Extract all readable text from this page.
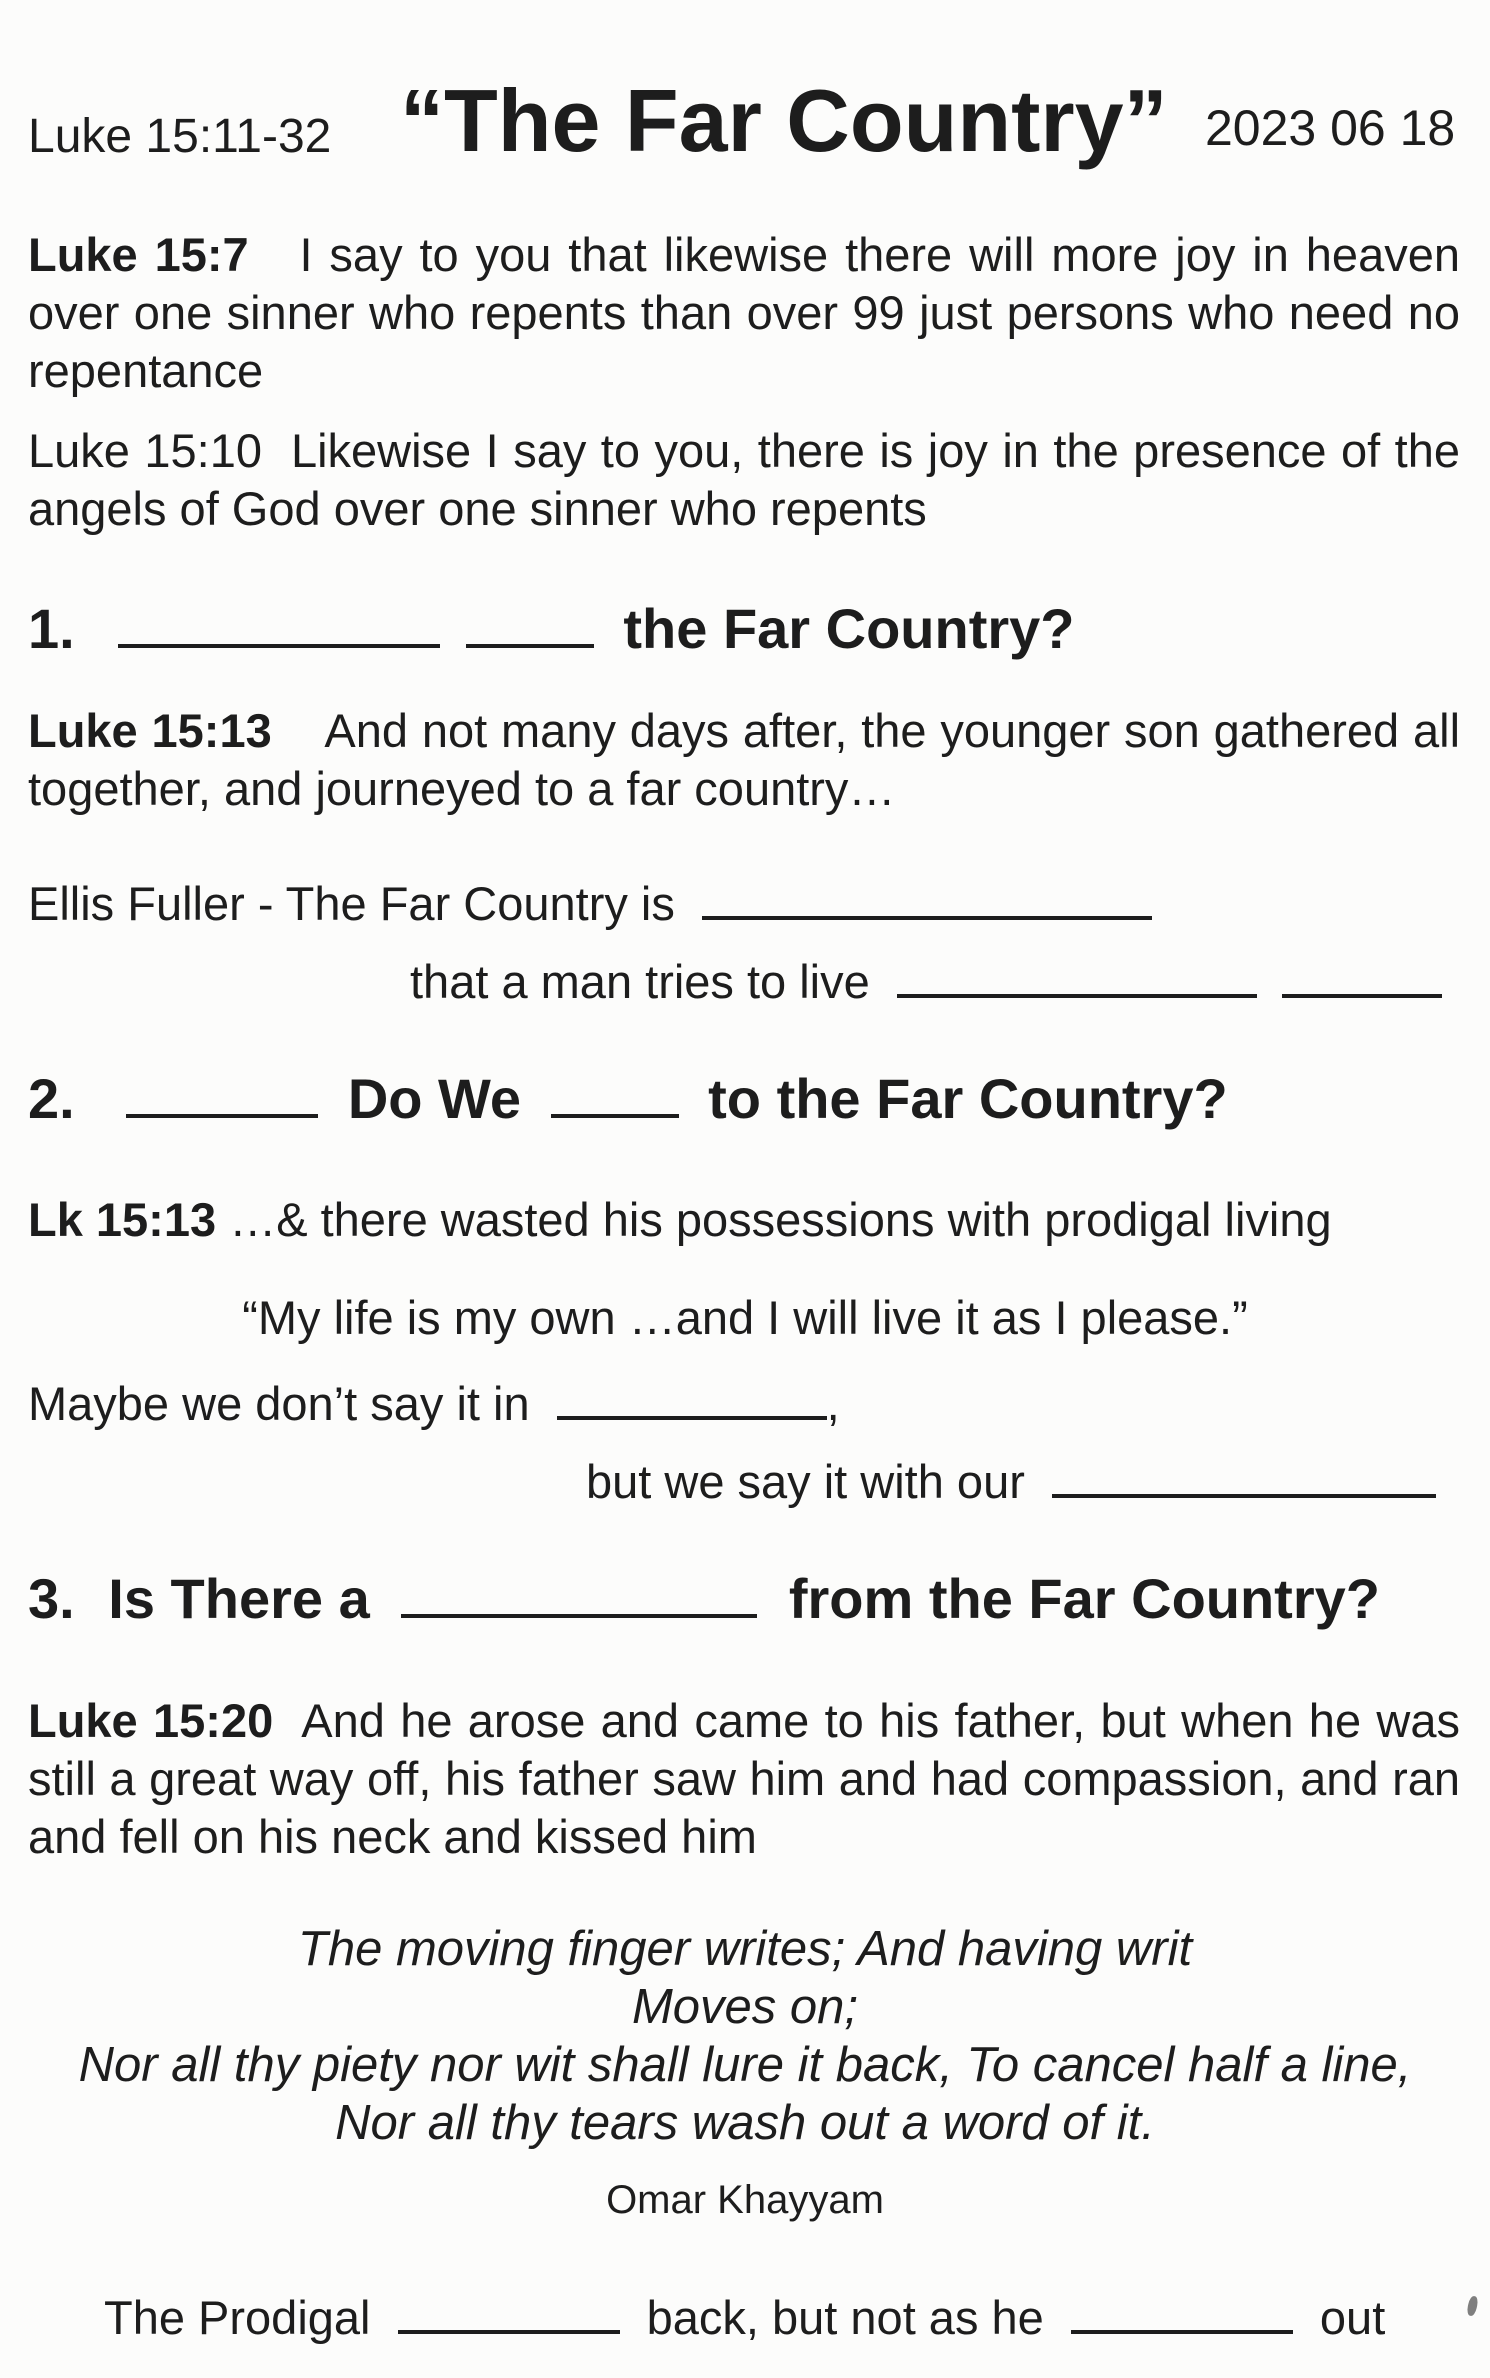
Luke 15:11-32 “The Far Country” 2023 06 18
Luke 15:7 I say to you that likewise there will more joy in heaven over one sinner who repents than over 99 just persons who need no repentance
Luke 15:10 Likewise I say to you, there is joy in the presence of the angels of God over one sinner who repents
1.	the Far Country?
Luke 15:13 And not many days after, the younger son gathered all together, and journeyed to a far country…
Ellis Fuller - The Far Country is
that a man tries to live
2.	Do We	to the Far Country?
Lk 15:13 …& there wasted his possessions with prodigal living
“My life is my own …and I will live it as I please.”
Maybe we don’t say it in	,
but we say it with our
3. Is There a	from the Far Country?
Luke 15:20 And he arose and came to his father, but when he was still a great way off, his father saw him and had compassion, and ran and fell on his neck and kissed him
The moving finger writes; And having writ
Moves on;
Nor all thy piety nor wit shall lure it back, To cancel half a line,
Nor all thy tears wash out a word of it.
Omar Khayyam
The Prodigal	back, but not as he	out
